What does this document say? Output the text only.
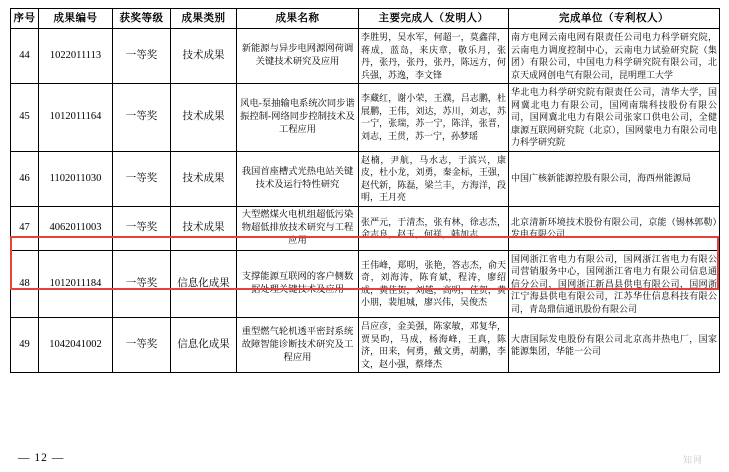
序号	成果编号	获奖等级	成果类别	成果名称	主要完成人（发明人）	完成单位（专利权人）
44	1022011113	一等奖	技术成果	新能源与异步电网源网荷调 关键技术研究及应用	李胜男，吴水军，何超一，莫鑫萍，蒋成，蓝岛，来庆章，敬乐月，张丹，张丹，张丹，张丹，陈远方，何兵强，苏逸，李文锋	南方电网云南电网有限责任公司电力科学研究院，云南电力调度控制中心，云南电力试验研究院（集团）有限公司，中国电力科学研究院有限公司，北京天成网创电气有限公司，昆明理工大学
45	1012011164	一等奖	技术成果	风电-泵抽输电系统次同步谐振控制-网络同步控制技术及工程应用	李藏红，谢小荣，王濮，吕志鹏，杜展鹏，王伟，刘达，苏川，刘志，苏一宁，张瑞，苏一宁，陈洋，张晋，刘志，王贯，苏一宁，孙梦瑶	华北电力科学研究院有限责任公司，清华大学，国网冀北电力有限公司，国网南瑞科技股份有限公司，国网冀北电力有限公司张家口供电公司，全健康源互联网研究院（北京），国网蒙电力有限公司电力科学研究院
46	1102011030	一等奖	技术成果	我国首座槽式光热电站关键技术及运行特性研究	赵楠，尹航，马水志，于滨兴，康皮，杜小龙，刘勇，秦金标，王强，赵代新，陈磊，梁兰丰，方海洋，段明，王月亮	中国广核新能源控股有限公司，海西州能源局
47	4062011003	一等奖	技术成果	大型燃煤火电机组超低污染物超低排放技术研究与工程应用	张严元，于清杰，张有林，徐志杰，余志良，赵玉，何祥，韩加志	北京清新环境技术股份有限公司，京能（锡林郭勒）发电有限公司
48	1012011184	一等奖	信息化成果	支撑能源互联网的客户侧数据处理关键技术及应用	王伟峰，郑明，张艳，答志杰，俞天奇，刘海涛，陈育斌，程涛，廖绍成，黄佳贺，刘越，高明，佳贺，黄小朋，裴旭城，廖兴伟，吴俊杰	国网浙江省电力有限公司，国网浙江省电力有限公司营销服务中心，国网浙江省电力有限公司信息通信分公司，国网浙江新昌县供电有限公司，国网浙江宁海县供电有限公司，江苏华仕信息科技有限公司，青岛鼎信通讯股份有限公司
49	1042041002	一等奖	信息化成果	重型燃气轮机透平密封系统故障智能诊断技术研究及工程应用	吕应彦，金美强，陈家敏，邓复华，贾昊昀，马成，杨海峰，王真，陈济，田来，何勇，戴文勇，胡鹏，李文，赵小强，蔡烽杰	大唐国际发电股份有限公司北京高井热电厂，国家能源集团，华能一公司
— 12 —	知网
